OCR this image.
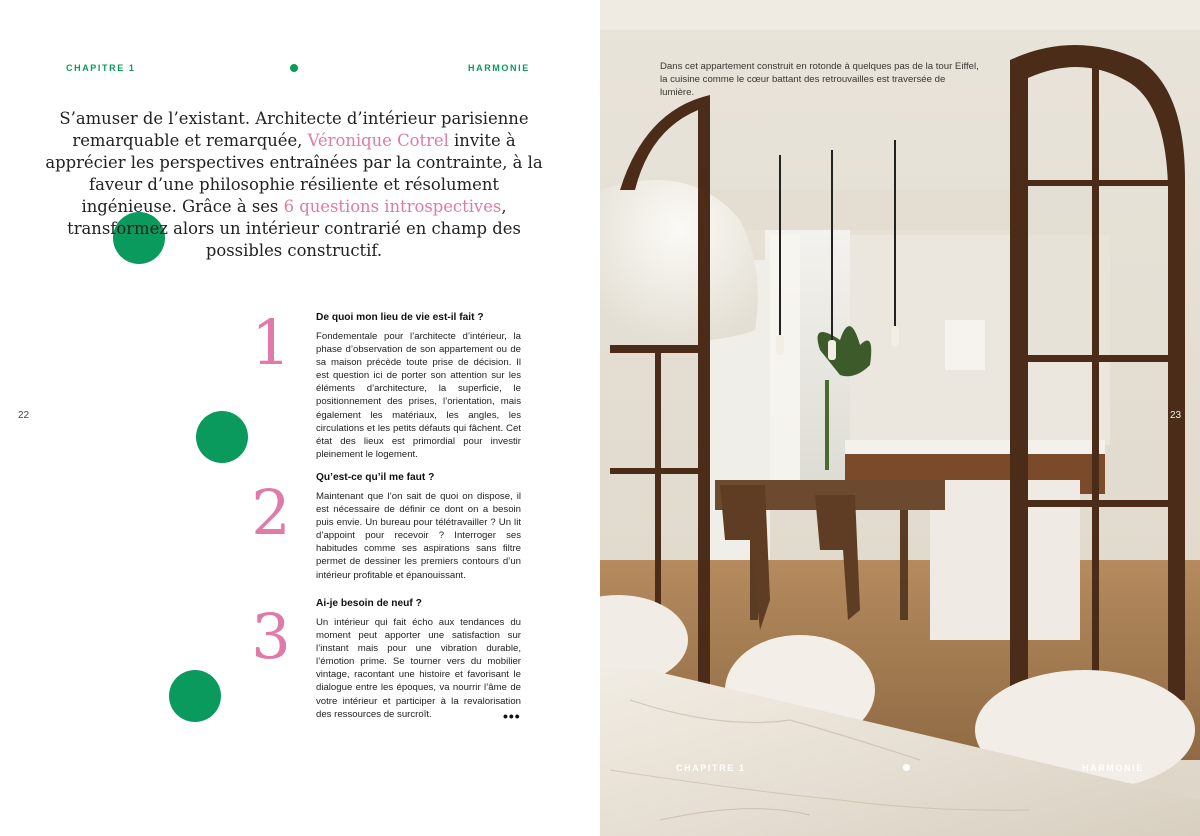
CHAPITRE 1	HARMONIE

S’amuser de l’existant. Architecte d’intérieur parisienne remarquable et remarquée, Véronique Cotrel invite à apprécier les perspectives entraînées par la contrainte, à la faveur d’une philosophie résiliente et résolument ingénieuse. Grâce à ses 6 questions introspectives, transformez alors un intérieur contrarié en champ des possibles constructif.

22
1	De quoi mon lieu de vie est-il fait ?
Fondementale pour l’architecte d’intérieur, la phase d’observation de son appartement ou de sa maison précède toute prise de décision. Il est question ici de porter son attention sur les éléments d’architecture, la superficie, le positionnement des prises, l’orientation, mais également les matériaux, les angles, les circulations et les petits défauts qui fâchent. Cet état des lieux est primordial pour investir pleinement le logement.
2	Qu’est-ce qu’il me faut ?
Maintenant que l’on sait de quoi on dispose, il est nécessaire de définir ce dont on a besoin puis envie. Un bureau pour télétravailler ? Un lit d’appoint pour recevoir ? Interroger ses habitudes comme ses aspirations sans filtre permet de dessiner les premiers contours d’un intérieur profitable et épanouissant.
3	Ai-je besoin de neuf ?
Un intérieur qui fait écho aux tendances du moment peut apporter une satisfaction sur l’instant mais pour une vibration durable, l’émotion prime. Se tourner vers du mobilier vintage, racontant une histoire et favorisant le dialogue entre les époques, va nourrir l’âme de votre intérieur et participer à la revalorisation des ressources de surcroît.	•••
Dans cet appartement construit en rotonde à quelques pas de la tour Eiffel, la cuisine comme le cœur battant des retrouvailles est traversée de lumière.
23
CHAPITRE 1	HARMONIE
